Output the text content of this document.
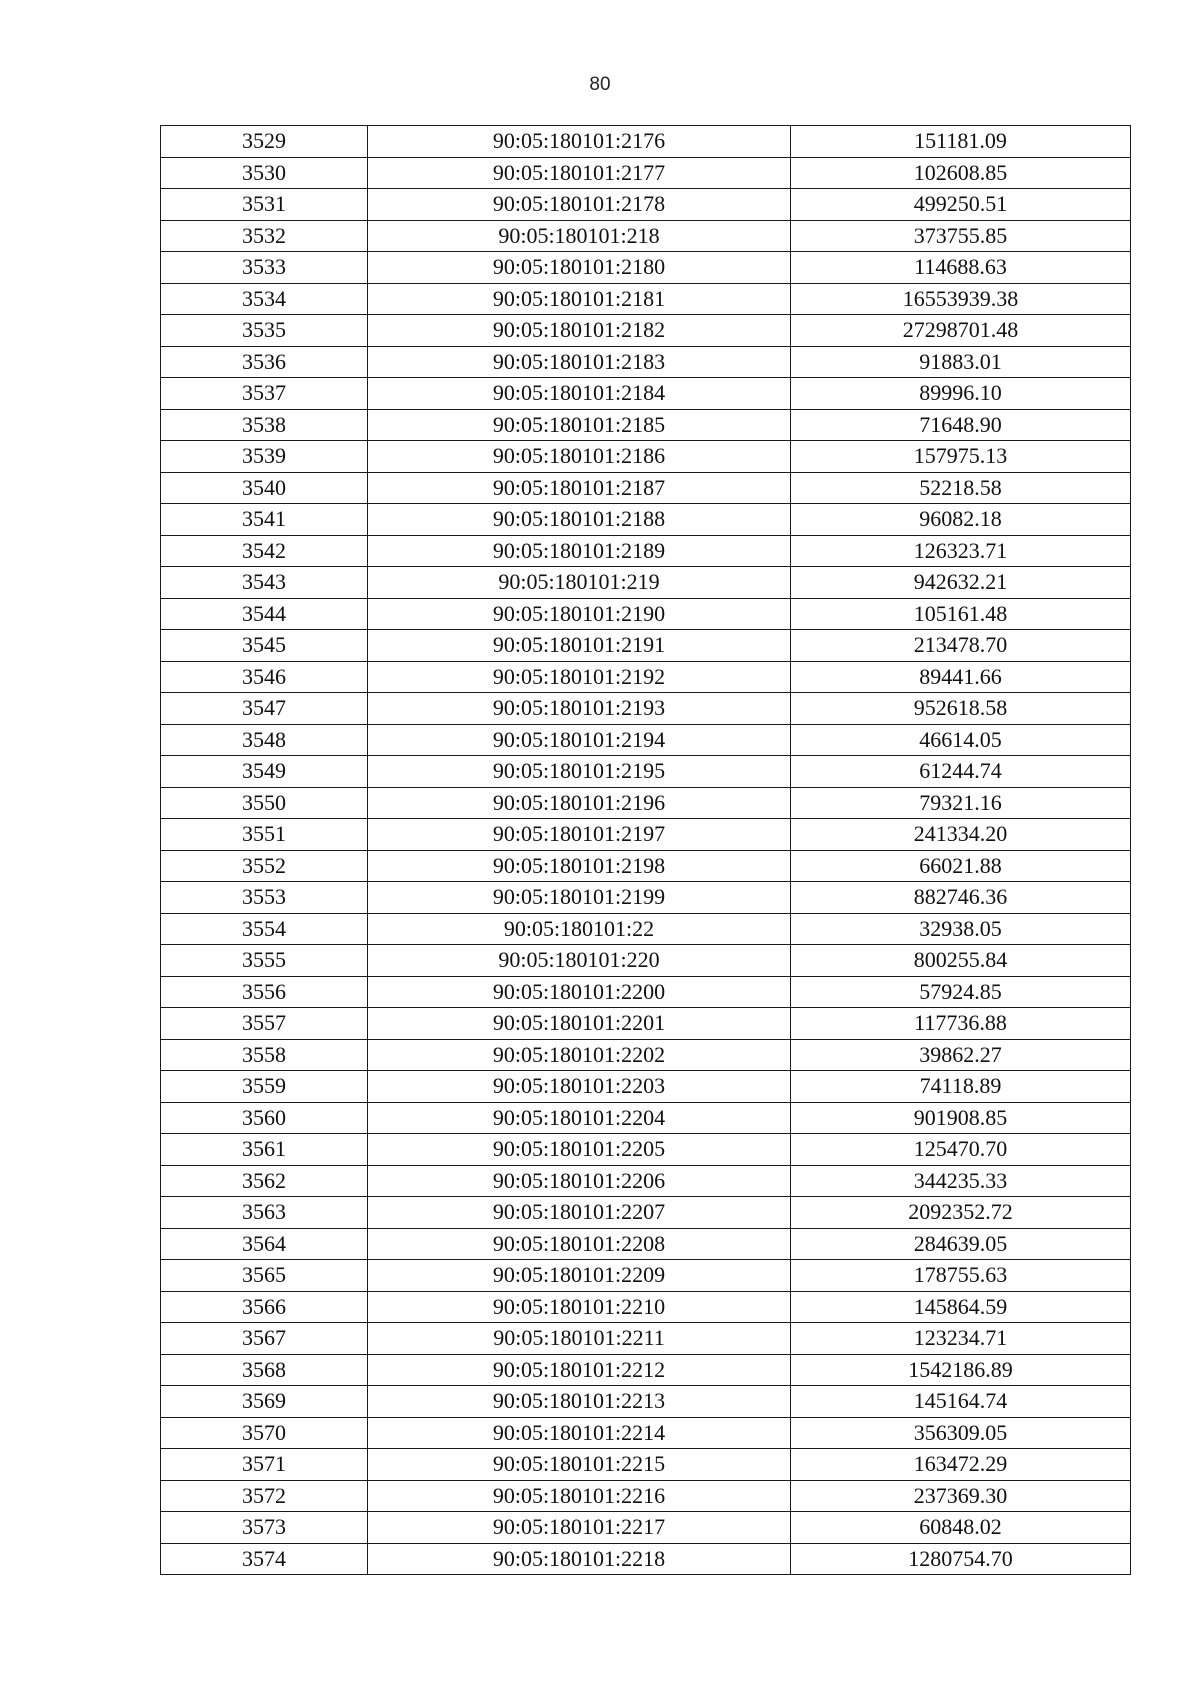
80
3529	90:05:180101:2176	151181.09
3530	90:05:180101:2177	102608.85
3531	90:05:180101:2178	499250.51
3532	90:05:180101:218	373755.85
3533	90:05:180101:2180	114688.63
3534	90:05:180101:2181	16553939.38
3535	90:05:180101:2182	27298701.48
3536	90:05:180101:2183	91883.01
3537	90:05:180101:2184	89996.10
3538	90:05:180101:2185	71648.90
3539	90:05:180101:2186	157975.13
3540	90:05:180101:2187	52218.58
3541	90:05:180101:2188	96082.18
3542	90:05:180101:2189	126323.71
3543	90:05:180101:219	942632.21
3544	90:05:180101:2190	105161.48
3545	90:05:180101:2191	213478.70
3546	90:05:180101:2192	89441.66
3547	90:05:180101:2193	952618.58
3548	90:05:180101:2194	46614.05
3549	90:05:180101:2195	61244.74
3550	90:05:180101:2196	79321.16
3551	90:05:180101:2197	241334.20
3552	90:05:180101:2198	66021.88
3553	90:05:180101:2199	882746.36
3554	90:05:180101:22	32938.05
3555	90:05:180101:220	800255.84
3556	90:05:180101:2200	57924.85
3557	90:05:180101:2201	117736.88
3558	90:05:180101:2202	39862.27
3559	90:05:180101:2203	74118.89
3560	90:05:180101:2204	901908.85
3561	90:05:180101:2205	125470.70
3562	90:05:180101:2206	344235.33
3563	90:05:180101:2207	2092352.72
3564	90:05:180101:2208	284639.05
3565	90:05:180101:2209	178755.63
3566	90:05:180101:2210	145864.59
3567	90:05:180101:2211	123234.71
3568	90:05:180101:2212	1542186.89
3569	90:05:180101:2213	145164.74
3570	90:05:180101:2214	356309.05
3571	90:05:180101:2215	163472.29
3572	90:05:180101:2216	237369.30
3573	90:05:180101:2217	60848.02
3574	90:05:180101:2218	1280754.70
